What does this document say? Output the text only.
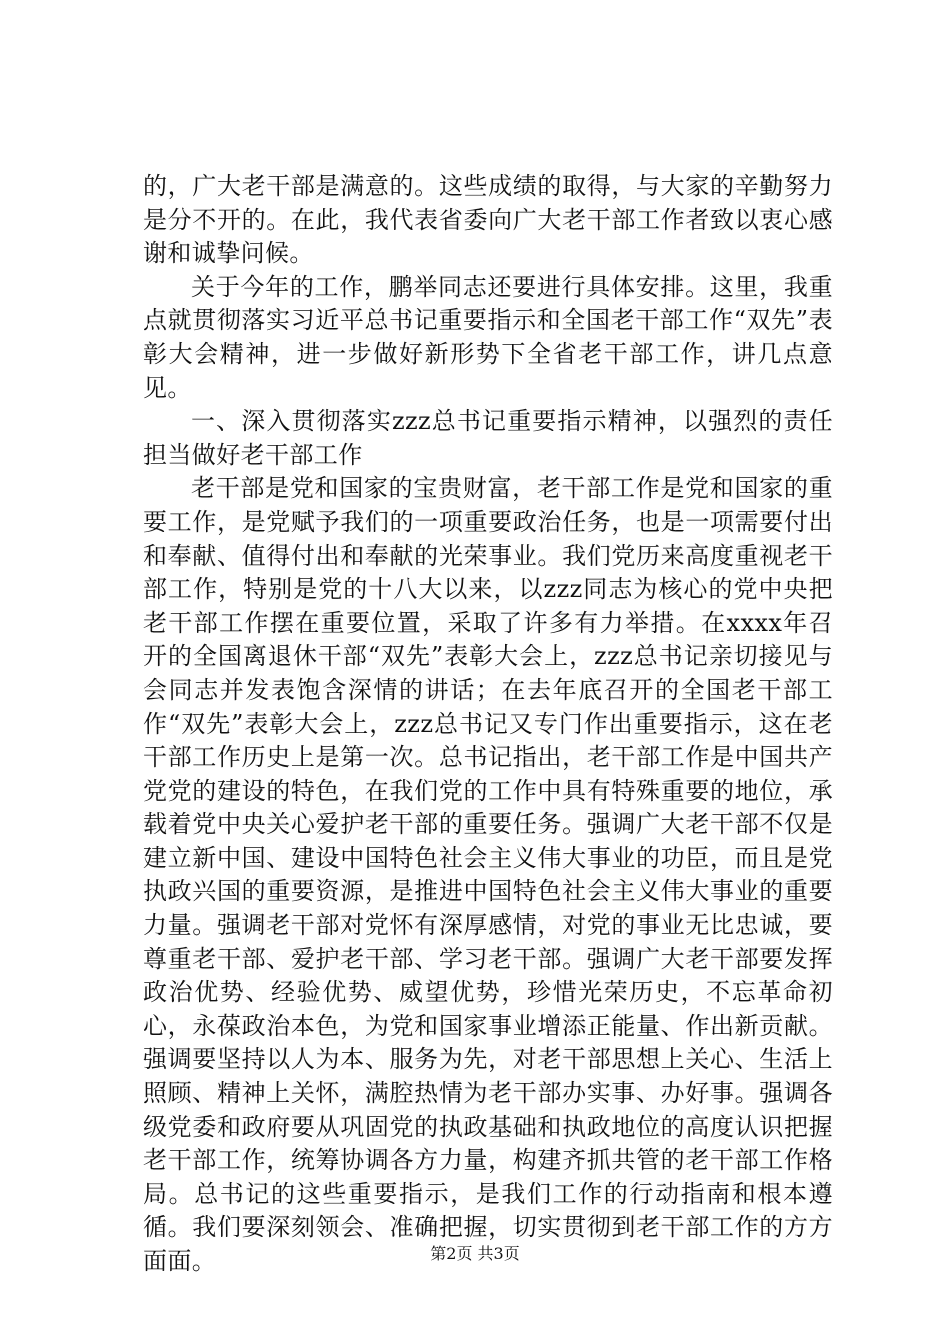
的，广大老干部是满意的。这些成绩的取得，与大家的辛勤努力是分不开的。在此，我代表省委向广大老干部工作者致以衷心感谢和诚挚问候。

关于今年的工作，鹏举同志还要进行具体安排。这里，我重点就贯彻落实习近平总书记重要指示和全国老干部工作“双先”表彰大会精神，进一步做好新形势下全省老干部工作，讲几点意见。

一、深入贯彻落实zzz总书记重要指示精神，以强烈的责任担当做好老干部工作

老干部是党和国家的宝贵财富，老干部工作是党和国家的重要工作，是党赋予我们的一项重要政治任务，也是一项需要付出和奉献、值得付出和奉献的光荣事业。我们党历来高度重视老干部工作，特别是党的十八大以来，以zzz同志为核心的党中央把老干部工作摆在重要位置，采取了许多有力举措。在xxxx年召开的全国离退休干部“双先”表彰大会上，zzz总书记亲切接见与会同志并发表饱含深情的讲话；在去年底召开的全国老干部工作“双先”表彰大会上，zzz总书记又专门作出重要指示，这在老干部工作历史上是第一次。总书记指出，老干部工作是中国共产党党的建设的特色，在我们党的工作中具有特殊重要的地位，承载着党中央关心爱护老干部的重要任务。强调广大老干部不仅是建立新中国、建设中国特色社会主义伟大事业的功臣，而且是党执政兴国的重要资源，是推进中国特色社会主义伟大事业的重要力量。强调老干部对党怀有深厚感情，对党的事业无比忠诚，要尊重老干部、爱护老干部、学习老干部。强调广大老干部要发挥政治优势、经验优势、威望优势，珍惜光荣历史，不忘革命初心，永葆政治本色，为党和国家事业增添正能量、作出新贡献。强调要坚持以人为本、服务为先，对老干部思想上关心、生活上照顾、精神上关怀，满腔热情为老干部办实事、办好事。强调各级党委和政府要从巩固党的执政基础和执政地位的高度认识把握老干部工作，统筹协调各方力量，构建齐抓共管的老干部工作格局。总书记的这些重要指示，是我们工作的行动指南和根本遵循。我们要深刻领会、准确把握，切实贯彻到老干部工作的方方面面。	第2页 共3页
